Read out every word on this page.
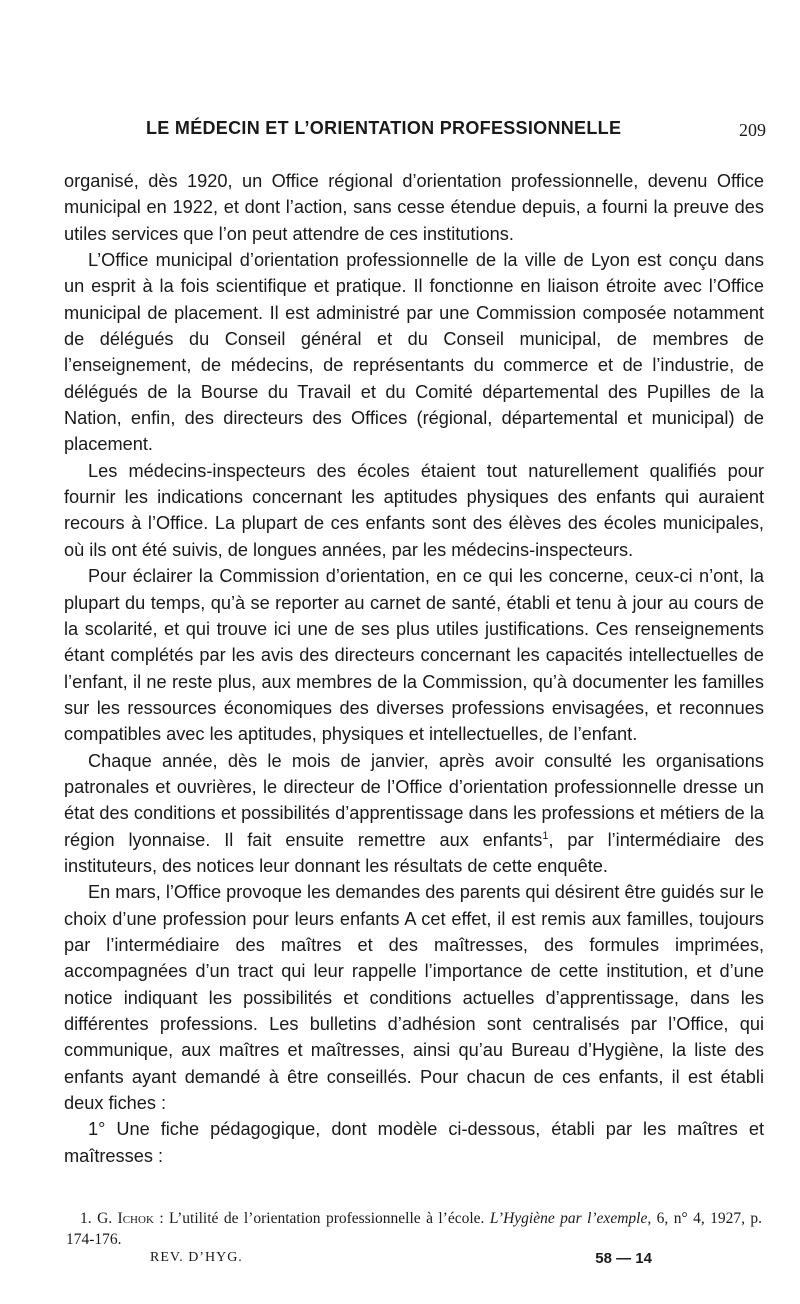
LE MÉDECIN ET L’ORIENTATION PROFESSIONNELLE	209

organisé, dès 1920, un Office régional d’orientation professionnelle, devenu Office municipal en 1922, et dont l’action, sans cesse étendue depuis, a fourni la preuve des utiles services que l’on peut attendre de ces institutions.

L’Office municipal d’orientation professionnelle de la ville de Lyon est conçu dans un esprit à la fois scientifique et pratique. Il fonctionne en liaison étroite avec l’Office municipal de placement. Il est administré par une Commission composée notamment de délégués du Conseil général et du Conseil municipal, de membres de l’enseignement, de médecins, de représentants du commerce et de l’industrie, de délégués de la Bourse du Travail et du Comité départemental des Pupilles de la Nation, enfin, des directeurs des Offices (régional, départemental et municipal) de placement.

Les médecins-inspecteurs des écoles étaient tout naturellement qualifiés pour fournir les indications concernant les aptitudes physiques des enfants qui auraient recours à l’Office. La plupart de ces enfants sont des élèves des écoles municipales, où ils ont été suivis, de longues années, par les médecins-inspecteurs.

Pour éclairer la Commission d’orientation, en ce qui les concerne, ceux-ci n’ont, la plupart du temps, qu’à se reporter au carnet de santé, établi et tenu à jour au cours de la scolarité, et qui trouve ici une de ses plus utiles justifications. Ces renseignements étant complétés par les avis des directeurs concernant les capacités intellectuelles de l’enfant, il ne reste plus, aux membres de la Commission, qu’à documenter les familles sur les ressources économiques des diverses professions envisagées, et reconnues compatibles avec les aptitudes, physiques et intellectuelles, de l’enfant.

Chaque année, dès le mois de janvier, après avoir consulté les organisations patronales et ouvrières, le directeur de l’Office d’orientation professionnelle dresse un état des conditions et possibilités d’apprentissage dans les professions et métiers de la région lyonnaise. Il fait ensuite remettre aux enfants$^1$, par l’intermédiaire des instituteurs, des notices leur donnant les résultats de cette enquête.

En mars, l’Office provoque les demandes des parents qui désirent être guidés sur le choix d’une profession pour leurs enfants A cet effet, il est remis aux familles, toujours par l’intermédiaire des maîtres et des maîtresses, des formules imprimées, accompagnées d’un tract qui leur rappelle l’importance de cette institution, et d’une notice indiquant les possibilités et conditions actuelles d’apprentissage, dans les différentes professions. Les bulletins d’adhésion sont centralisés par l’Office, qui communique, aux maîtres et maîtresses, ainsi qu’au Bureau d’Hygiène, la liste des enfants ayant demandé à être conseillés. Pour chacun de ces enfants, il est établi deux fiches :

1° Une fiche pédagogique, dont modèle ci-dessous, établi par les maîtres et maîtresses :

1. G. Ichok : L’utilité de l’orientation professionnelle à l’école. L’Hygiène par l’exemple, 6, n° 4, 1927, p. 174-176.

REV. D’HYG.	58 — 14
